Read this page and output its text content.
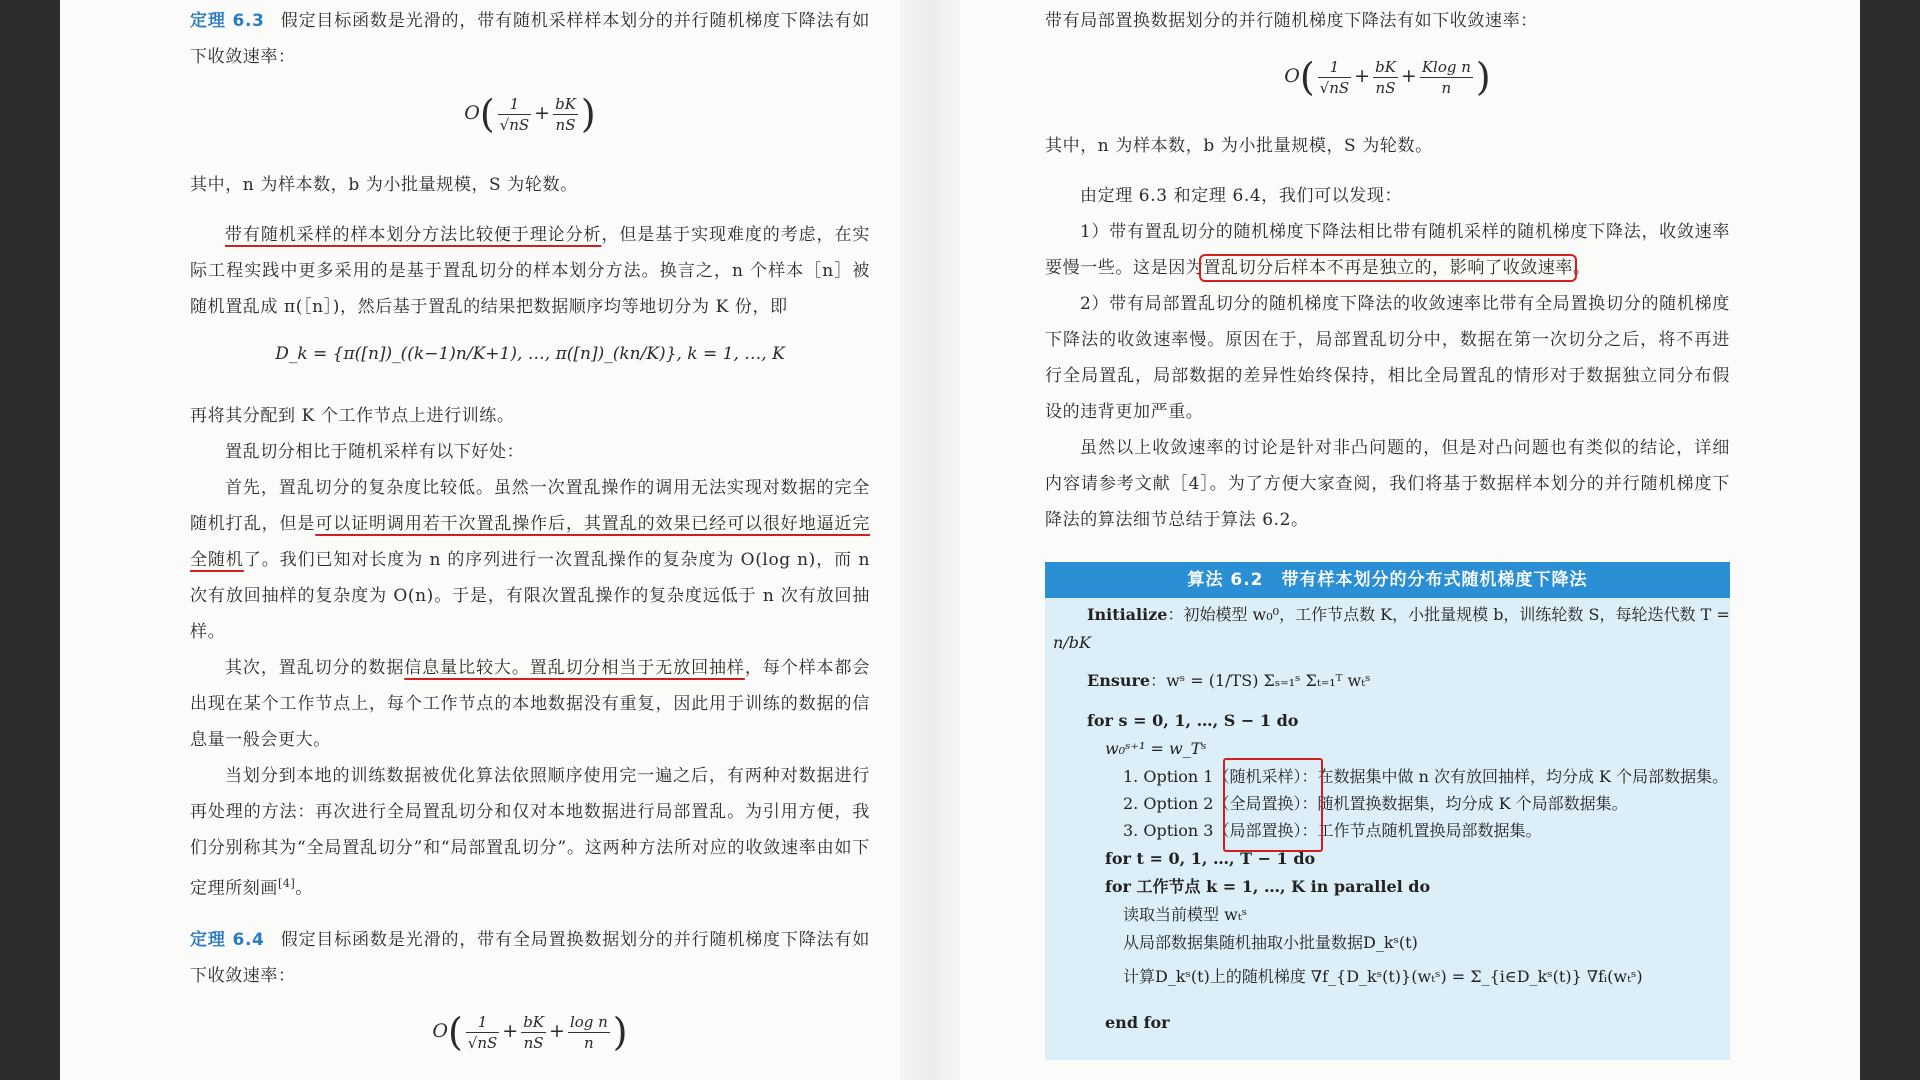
定理 6.3 假定目标函数是光滑的，带有随机采样样本划分的并行随机梯度下降法有如下收敛速率：

$O( \frac{1}{√nS} + \frac{bK}{nS}$ )

其中，n 为样本数，b 为小批量规模，S 为轮数。

带有随机采样的样本划分方法比较便于理论分析，但是基于实现难度的考虑，在实际工程实践中更多采用的是基于置乱切分的样本划分方法。换言之，n 个样本［n］被随机置乱成 π(［n］)，然后基于置乱的结果把数据顺序均等地切分为 K 份，即

D_k = {π([n])_((k−1)n/K+1), …, π([n])_(kn/K)}, k = 1, …, K

再将其分配到 K 个工作节点上进行训练。

置乱切分相比于随机采样有以下好处：

首先，置乱切分的复杂度比较低。虽然一次置乱操作的调用无法实现对数据的完全随机打乱，但是可以证明调用若干次置乱操作后，其置乱的效果已经可以很好地逼近完全随机了。我们已知对长度为 n 的序列进行一次置乱操作的复杂度为 O(log n)，而 n 次有放回抽样的复杂度为 O(n)。于是，有限次置乱操作的复杂度远低于 n 次有放回抽样。

其次，置乱切分的数据信息量比较大。置乱切分相当于无放回抽样，每个样本都会出现在某个工作节点上，每个工作节点的本地数据没有重复，因此用于训练的数据的信息量一般会更大。

当划分到本地的训练数据被优化算法依照顺序使用完一遍之后，有两种对数据进行再处理的方法：再次进行全局置乱切分和仅对本地数据进行局部置乱。为引用方便，我们分别称其为“全局置乱切分”和“局部置乱切分”。这两种方法所对应的收敛速率由如下定理所刻画[4]。

定理 6.4 假定目标函数是光滑的，带有全局置换数据划分的并行随机梯度下降法有如下收敛速率：

$O( \frac{1}{√nS} + \frac{bK}{nS} + \frac{\text{log n}}{n}$ )

带有局部置换数据划分的并行随机梯度下降法有如下收敛速率：

$O( \frac{1}{√nS} + \frac{bK}{nS} + \frac{\text{Klog n}}{n}$ )

其中，n 为样本数，b 为小批量规模，S 为轮数。

由定理 6.3 和定理 6.4，我们可以发现：

1）带有置乱切分的随机梯度下降法相比带有随机采样的随机梯度下降法，收敛速率要慢一些。这是因为置乱切分后样本不再是独立的，影响了收敛速率。

2）带有局部置乱切分的随机梯度下降法的收敛速率比带有全局置换切分的随机梯度下降法的收敛速率慢。原因在于，局部置乱切分中，数据在第一次切分之后，将不再进行全局置乱，局部数据的差异性始终保持，相比全局置乱的情形对于数据独立同分布假设的违背更加严重。

虽然以上收敛速率的讨论是针对非凸问题的，但是对凸问题也有类似的结论，详细内容请参考文献［4］。为了方便大家查阅，我们将基于数据样本划分的并行随机梯度下降法的算法细节总结于算法 6.2。

算法 6.2　带有样本划分的分布式随机梯度下降法
Initialize：初始模型 w₀⁰，工作节点数 K，小批量规模 b，训练轮数 S，每轮迭代数 T =
n/bK
Ensure：wˢ = (1/TS) Σₛ₌₁ˢ Σₜ₌₁ᵀ wₜˢ
for s = 0, 1, …, S − 1 do
w₀ˢ⁺¹ = w_Tˢ
1. Option 1（随机采样）：在数据集中做 n 次有放回抽样，均分成 K 个局部数据集。
2. Option 2（全局置换）：随机置换数据集，均分成 K 个局部数据集。
3. Option 3（局部置换）：工作节点随机置换局部数据集。
for t = 0, 1, …, T − 1 do
for 工作节点 k = 1, …, K in parallel do
读取当前模型 wₜˢ
从局部数据集随机抽取小批量数据D_kˢ(t)
计算D_kˢ(t)上的随机梯度 ∇f_{D_kˢ(t)}(wₜˢ) = Σ_{i∈D_kˢ(t)} ∇fᵢ(wₜˢ)
end for
